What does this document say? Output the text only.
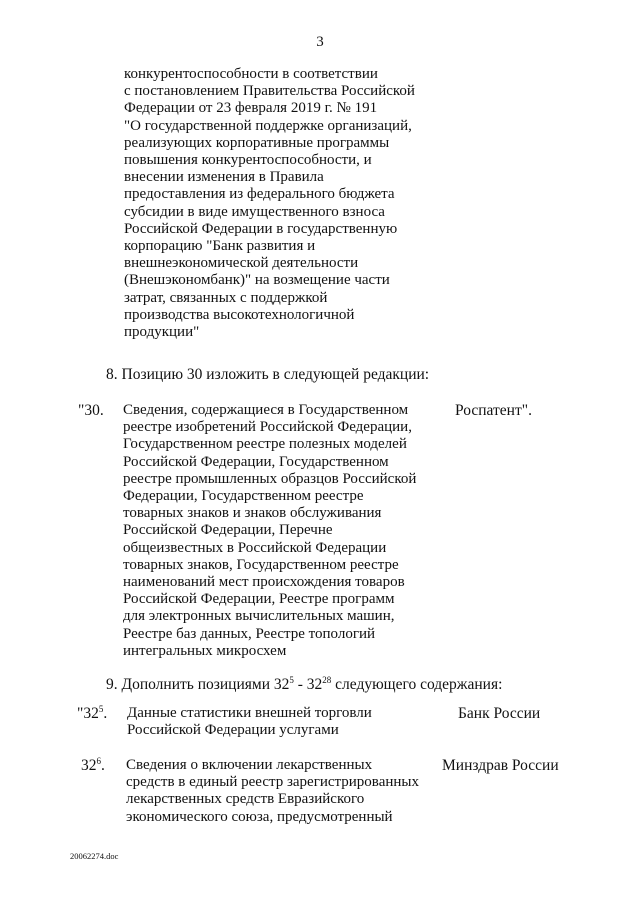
3
конкурентоспособности в соответствии
с постановлением Правительства Российской
Федерации от 23 февраля 2019 г. № 191
"О государственной поддержке организаций,
реализующих корпоративные программы
повышения конкурентоспособности, и
внесении изменения в Правила
предоставления из федерального бюджета
субсидии в виде имущественного взноса
Российской Федерации в государственную
корпорацию "Банк развития и
внешнеэкономической деятельности
(Внешэкономбанк)" на возмещение части
затрат, связанных с поддержкой
производства высокотехнологичной
продукции"
8. Позицию 30 изложить в следующей редакции:
"30. Сведения, содержащиеся в Государственном
реестре изобретений Российской Федерации,
Государственном реестре полезных моделей
Российской Федерации, Государственном
реестре промышленных образцов Российской
Федерации, Государственном реестре
товарных знаков и знаков обслуживания
Российской Федерации, Перечне
общеизвестных в Российской Федерации
товарных знаков, Государственном реестре
наименований мест происхождения товаров
Российской Федерации, Реестре программ
для электронных вычислительных машин,
Реестре баз данных, Реестре топологий
интегральных микросхем
Роспатент".
9. Дополнить позициями $32^5 - 32^{28}$ следующего содержания:
"$32^5$. Данные статистики внешней торговли
Российской Федерации услугами
Банк России
$32^6$. Сведения о включении лекарственных
средств в единый реестр зарегистрированных
лекарственных средств Евразийского
экономического союза, предусмотренный
Минздрав России
20062274.doc
